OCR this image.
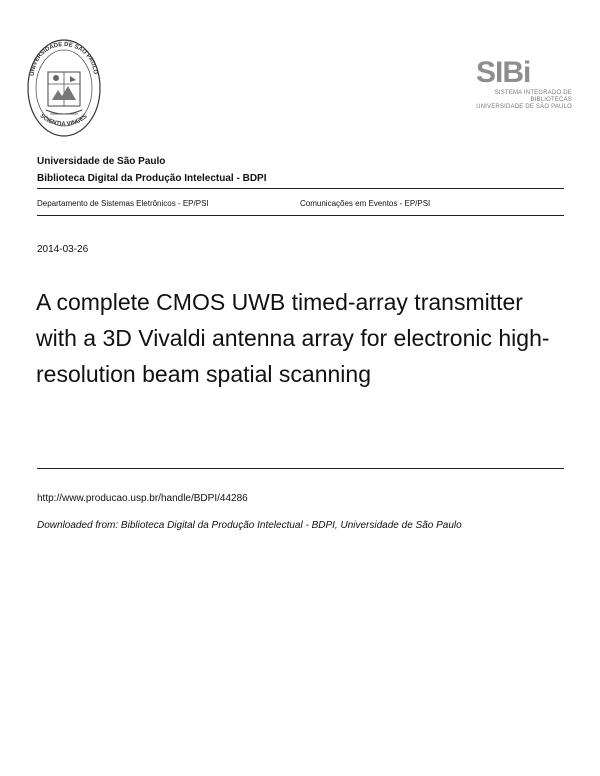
UNIVERSIDADE DE SÃO PAULO
SCIENTIA VINCES
SIBi
SISTEMA INTEGRADO DE BIBLIOTECAS
UNIVERSIDADE DE SÃO PAULO
Universidade de São Paulo
Biblioteca Digital da Produção Intelectual - BDPI
Departamento de Sistemas Eletrônicos - EP/PSI	Comunicações em Eventos - EP/PSI
2014-03-26
A complete CMOS UWB timed-array transmitter with a 3D Vivaldi antenna array for electronic high-resolution beam spatial scanning
http://www.producao.usp.br/handle/BDPI/44286
Downloaded from: Biblioteca Digital da Produção Intelectual - BDPI, Universidade de São Paulo
